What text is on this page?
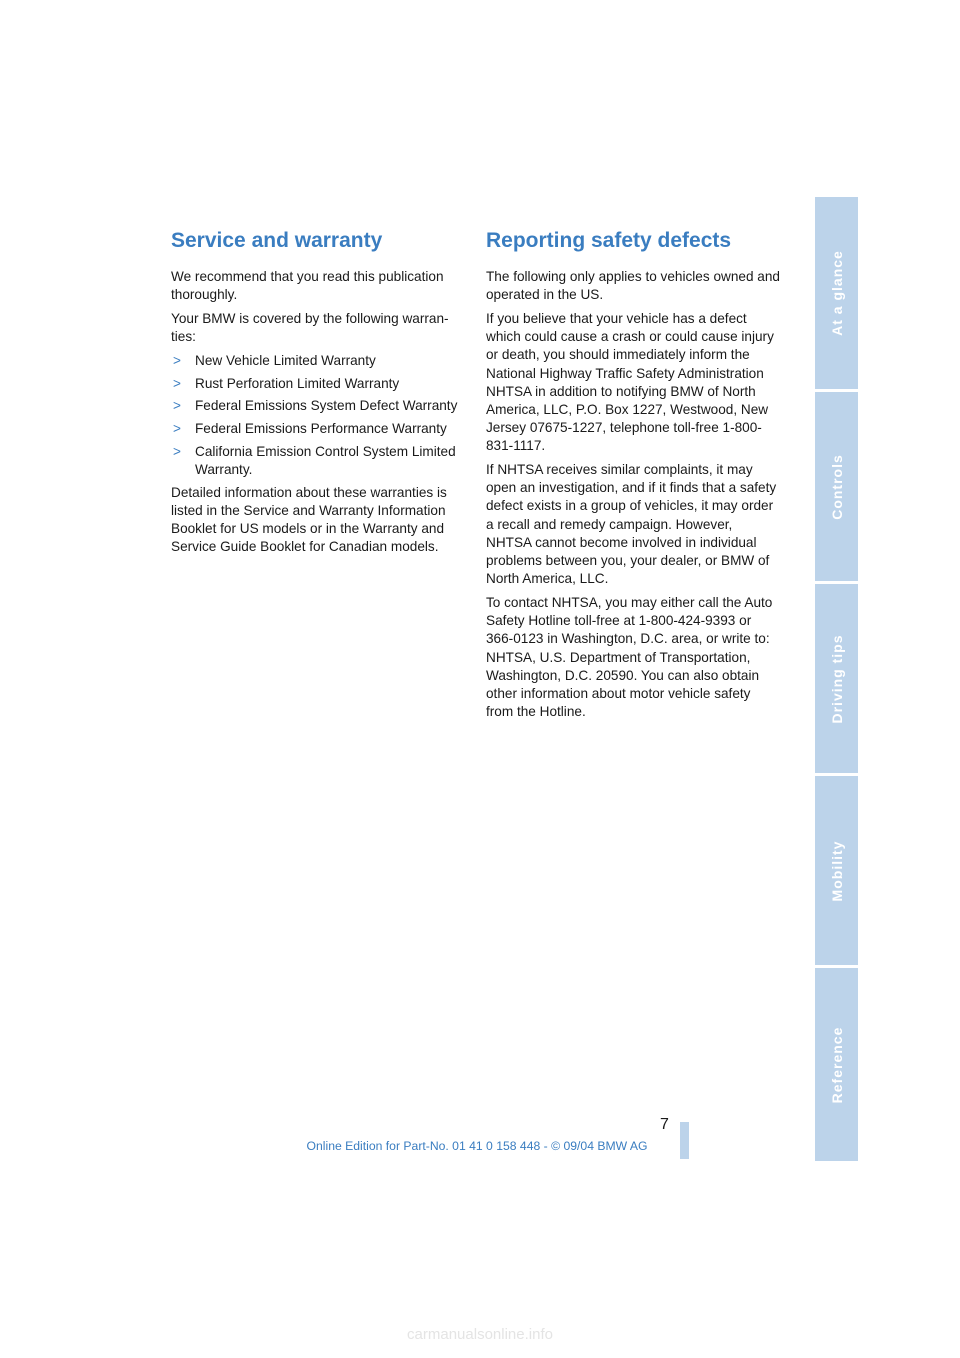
Service and warranty

We recommend that you read this publication thoroughly.

Your BMW is covered by the following warran-ties:

> New Vehicle Limited Warranty
> Rust Perforation Limited Warranty
> Federal Emissions System Defect Warranty
> Federal Emissions Performance Warranty
> California Emission Control System Limited Warranty.

Detailed information about these warranties is listed in the Service and Warranty Information Booklet for US models or in the Warranty and Service Guide Booklet for Canadian models.

Reporting safety defects

The following only applies to vehicles owned and operated in the US.

If you believe that your vehicle has a defect which could cause a crash or could cause injury or death, you should immediately inform the National Highway Traffic Safety Administration NHTSA in addition to notifying BMW of North America, LLC, P.O. Box 1227, Westwood, New Jersey 07675-1227, telephone toll-free 1-800-831-1117.

If NHTSA receives similar complaints, it may open an investigation, and if it finds that a safety defect exists in a group of vehicles, it may order a recall and remedy campaign. However, NHTSA cannot become involved in individual problems between you, your dealer, or BMW of North America, LLC.

To contact NHTSA, you may either call the Auto Safety Hotline toll-free at 1-800-424-9393 or 366-0123 in Washington, D.C. area, or write to: NHTSA, U.S. Department of Transportation, Washington, D.C. 20590. You can also obtain other information about motor vehicle safety from the Hotline.

At a glance
Controls
Driving tips
Mobility
Reference
7
Online Edition for Part-No. 01 41 0 158 448 - © 09/04 BMW AG
carmanualsonline.info
